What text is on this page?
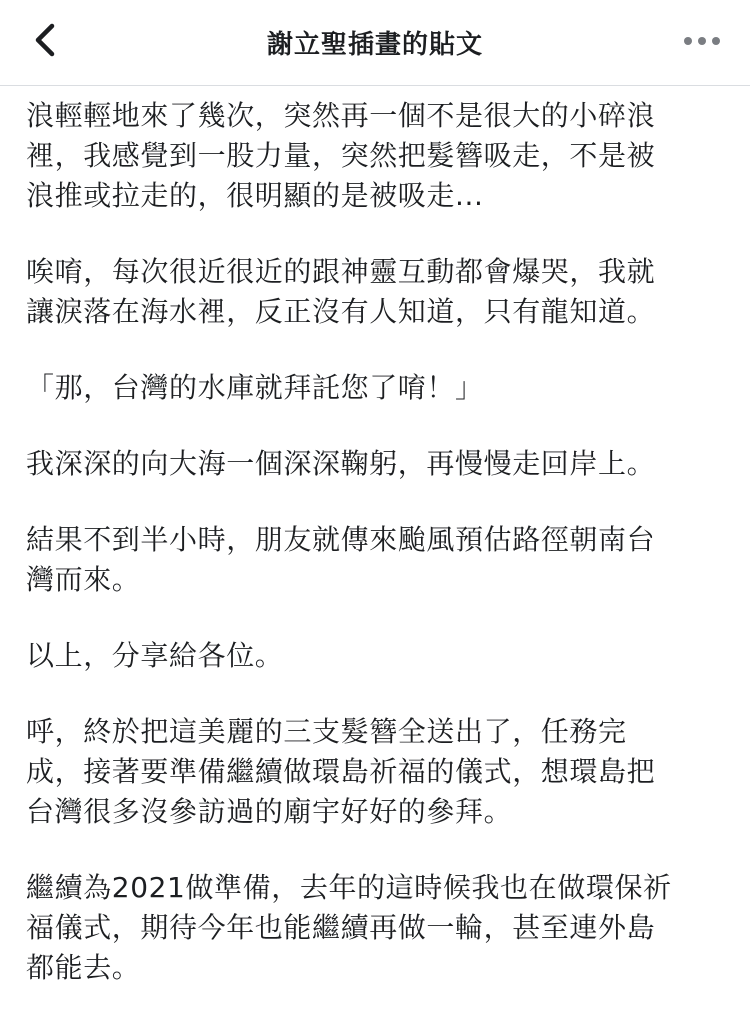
謝立聖插畫的貼文

浪輕輕地來了幾次，突然再一個不是很大的小碎浪
裡，我感覺到一股力量，突然把髮簪吸走，不是被
浪推或拉走的，很明顯的是被吸走...

唉唷，每次很近很近的跟神靈互動都會爆哭，我就
讓淚落在海水裡，反正沒有人知道，只有龍知道。

「那，台灣的水庫就拜託您了唷！」

我深深的向大海一個深深鞠躬，再慢慢走回岸上。

結果不到半小時，朋友就傳來颱風預估路徑朝南台
灣而來。

以上，分享給各位。

呼，終於把這美麗的三支髮簪全送出了，任務完
成，接著要準備繼續做環島祈福的儀式，想環島把
台灣很多沒參訪過的廟宇好好的參拜。

繼續為2021做準備，去年的這時候我也在做環保祈
福儀式，期待今年也能繼續再做一輪，甚至連外島
都能去。
